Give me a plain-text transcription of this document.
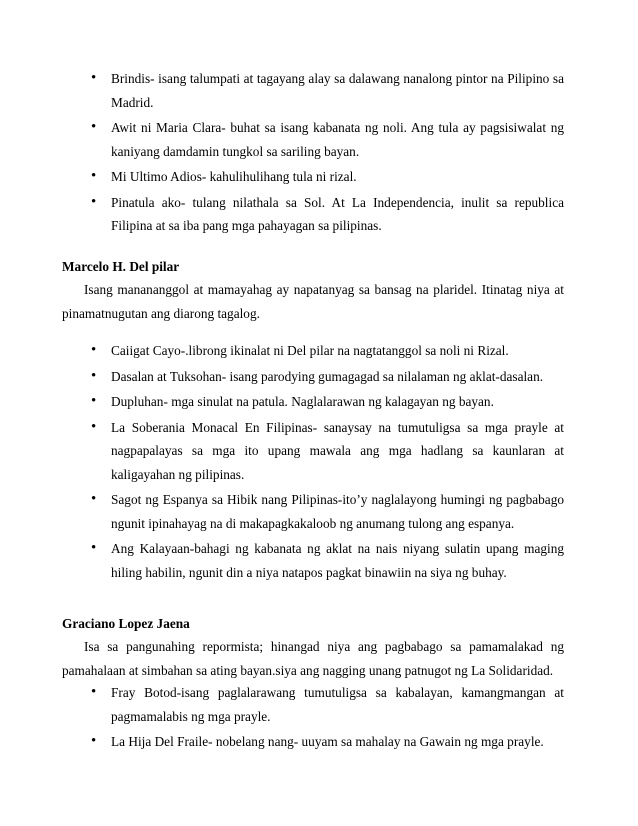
• Brindis- isang talumpati at tagayang alay sa dalawang nanalong pintor na Pilipino sa Madrid.
• Awit ni Maria Clara- buhat sa isang kabanata ng noli. Ang tula ay pagsisiwalat ng kaniyang damdamin tungkol sa sariling bayan.
• Mi Ultimo Adios- kahulihulihang tula ni rizal.
• Pinatula ako- tulang nilathala sa Sol. At La Independencia, inulit sa republica Filipina at sa iba pang mga pahayagan sa pilipinas.
Marcelo H. Del pilar
Isang manananggol at mamayahag ay napatanyag sa bansag na plaridel. Itinatag niya at pinamatnugutan ang diarong tagalog.
• Caiigat Cayo-.librong ikinalat ni Del pilar na nagtatanggol sa noli ni Rizal.
• Dasalan at Tuksohan- isang parodying gumagagad sa nilalaman ng aklat-dasalan.
• Dupluhan- mga sinulat na patula. Naglalarawan ng kalagayan ng bayan.
• La Soberania Monacal En Filipinas- sanaysay na tumutuligsa sa mga prayle at nagpapalayas sa mga ito upang mawala ang mga hadlang sa kaunlaran at kaligayahan ng pilipinas.
• Sagot ng Espanya sa Hibik nang Pilipinas-ito’y naglalayong humingi ng pagbabago ngunit ipinahayag na di makapagkakaloob ng anumang tulong ang espanya.
• Ang Kalayaan-bahagi ng kabanata ng aklat na nais niyang sulatin upang maging hiling habilin, ngunit din a niya natapos pagkat binawiin na siya ng buhay.
Graciano Lopez Jaena
Isa sa pangunahing repormista; hinangad niya ang pagbabago sa pamamalakad ng pamahalaan at simbahan sa ating bayan.siya ang nagging unang patnugot ng La Solidaridad.
• Fray Botod-isang paglalarawang tumutuligsa sa kabalayan, kamangmangan at pagmamalabis ng mga prayle.
• La Hija Del Fraile- nobelang nang- uuyam sa mahalay na Gawain ng mga prayle.
